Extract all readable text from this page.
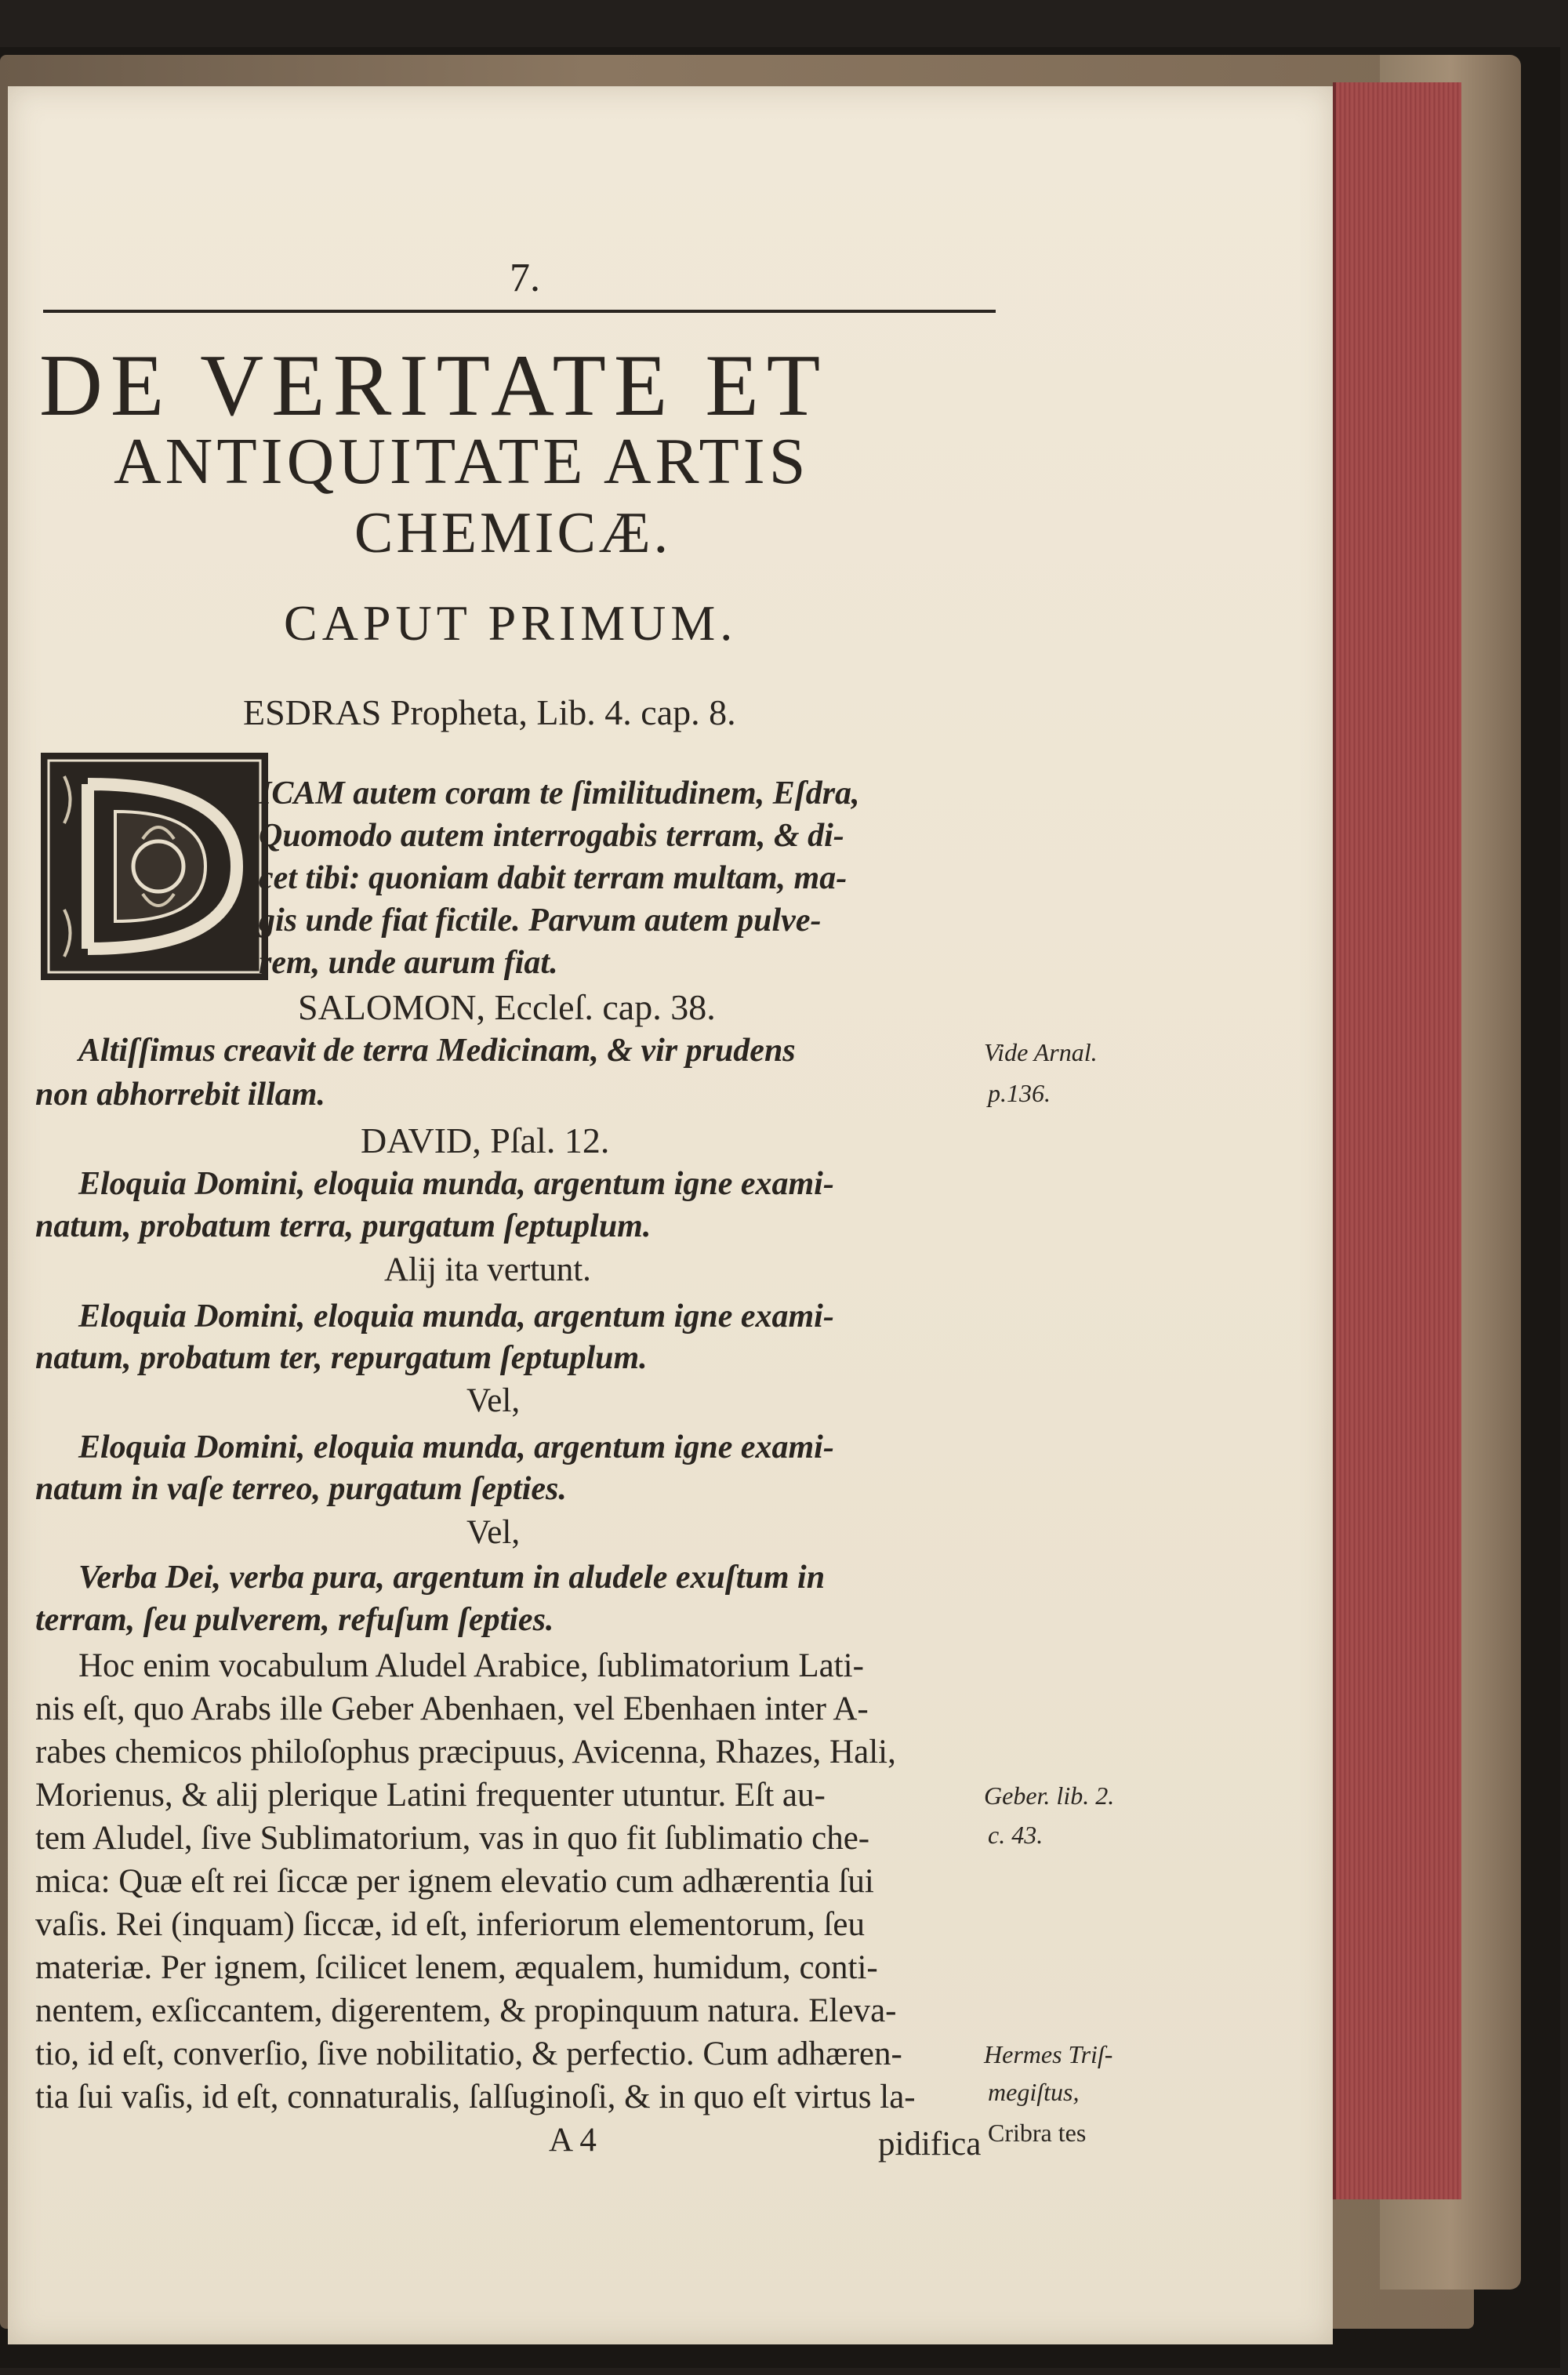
7.
DE VERITATE ET
ANTIQUITATE ARTIS
CHEMICÆ.
CAPUT PRIMUM.
ESDRAS Propheta, Lib. 4. cap. 8.
ICAM autem coram te ſimilitudinem, Eſdra,
Quomodo autem interrogabis terram, & di-
cet tibi: quoniam dabit terram multam, ma-
gis unde fiat fictile. Parvum autem pulve-
rem, unde aurum fiat.
SALOMON, Eccleſ. cap. 38.
Altiſſimus creavit de terra Medicinam, & vir prudens
non abhorrebit illam.
DAVID, Pſal. 12.
Eloquia Domini, eloquia munda, argentum igne exami-
natum, probatum terra, purgatum ſeptuplum.
Alij ita vertunt.
Eloquia Domini, eloquia munda, argentum igne exami-
natum, probatum ter, repurgatum ſeptuplum.
Vel,
Eloquia Domini, eloquia munda, argentum igne exami-
natum in vaſe terreo, purgatum ſepties.
Vel,
Verba Dei, verba pura, argentum in aludele exuſtum in
terram, ſeu pulverem, refuſum ſepties.
Hoc enim vocabulum Aludel Arabice, ſublimatorium Lati-
nis eſt, quo Arabs ille Geber Abenhaen, vel Ebenhaen inter A-
rabes chemicos philoſophus præcipuus, Avicenna, Rhazes, Hali,
Morienus, & alij plerique Latini frequenter utuntur. Eſt au-
tem Aludel, ſive Sublimatorium, vas in quo fit ſublimatio che-
mica: Quæ eſt rei ſiccæ per ignem elevatio cum adhærentia ſui
vaſis. Rei (inquam) ſiccæ, id eſt, inferiorum elementorum, ſeu
materiæ. Per ignem, ſcilicet lenem, æqualem, humidum, conti-
nentem, exſiccantem, digerentem, & propinquum natura. Eleva-
tio, id eſt, converſio, ſive nobilitatio, & perfectio. Cum adhæren-
tia ſui vaſis, id eſt, connaturalis, ſalſuginoſi, & in quo eſt virtus la-
A 4	pidifica
Vide Arnal.
p.136.
Geber. lib. 2.
c. 43.
Hermes Triſ-
megiſtus,
Cribra tes
